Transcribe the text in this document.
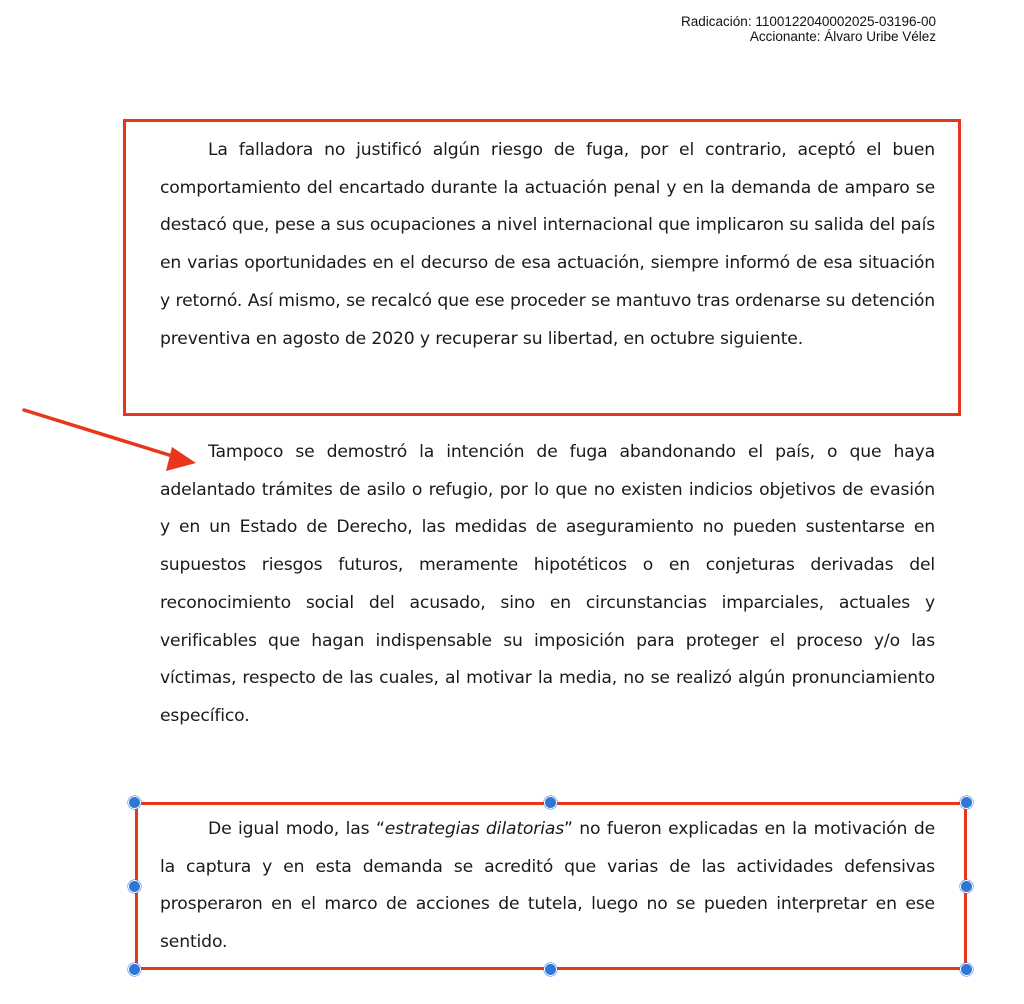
Radicación: 1100122040002025-03196-00
Accionante: Álvaro Uribe Vélez

La falladora no justificó algún riesgo de fuga, por el contrario, aceptó el buen comportamiento del encartado durante la actuación penal y en la demanda de amparo se destacó que, pese a sus ocupaciones a nivel internacional que implicaron su salida del país en varias oportunidades en el decurso de esa actuación, siempre informó de esa situación y retornó. Así mismo, se recalcó que ese proceder se mantuvo tras ordenarse su detención preventiva en agosto de 2020 y recuperar su libertad, en octubre siguiente.

Tampoco se demostró la intención de fuga abandonando el país, o que haya adelantado trámites de asilo o refugio, por lo que no existen indicios objetivos de evasión y en un Estado de Derecho, las medidas de aseguramiento no pueden sustentarse en supuestos riesgos futuros, meramente hipotéticos o en conjeturas derivadas del reconocimiento social del acusado, sino en circunstancias imparciales, actuales y verificables que hagan indispensable su imposición para proteger el proceso y/o las víctimas, respecto de las cuales, al motivar la media, no se realizó algún pronunciamiento específico.

De igual modo, las “estrategias dilatorias” no fueron explicadas en la motivación de la captura y en esta demanda se acreditó que varias de las actividades defensivas prosperaron en el marco de acciones de tutela, luego no se pueden interpretar en ese sentido.
